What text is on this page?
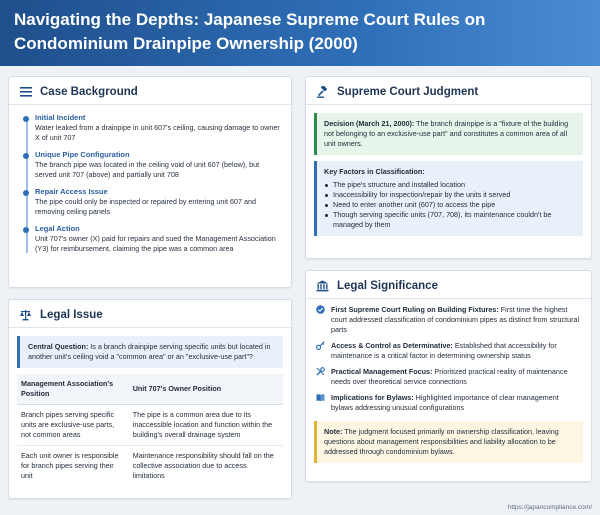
Navigating the Depths: Japanese Supreme Court Rules on Condominium Drainpipe Ownership (2000)
Case Background
Initial Incident
Water leaked from a drainpipe in unit 607's ceiling, causing damage to owner X of unit 707
Unique Pipe Configuration
The branch pipe was located in the ceiling void of unit 607 (below), but served unit 707 (above) and partially unit 708
Repair Access Issue
The pipe could only be inspected or repaired by entering unit 607 and removing ceiling panels
Legal Action
Unit 707's owner (X) paid for repairs and sued the Management Association (Y3) for reimbursement, claiming the pipe was a common area
Legal Issue
Central Question: Is a branch drainpipe serving specific units but located in another unit's ceiling void a "common area" or an "exclusive-use part"?
Management Association's Position	Unit 707's Owner Position
Branch pipes serving specific units are exclusive-use parts, not common areas	The pipe is a common area due to its inaccessible location and function within the building's overall drainage system
Each unit owner is responsible for branch pipes serving their unit	Maintenance responsibility should fall on the collective association due to access limitations
Supreme Court Judgment
Decision (March 21, 2000): The branch drainpipe is a "fixture of the building not belonging to an exclusive-use part" and constitutes a common area of all unit owners.
Key Factors in Classification:
The pipe's structure and installed location
Inaccessibility for inspection/repair by the units it served
Need to enter another unit (607) to access the pipe
Though serving specific units (707, 708), its maintenance couldn't be managed by them
Legal Significance
First Supreme Court Ruling on Building Fixtures: First time the highest court addressed classification of condominium pipes as distinct from structural parts
Access & Control as Determinative: Established that accessibility for maintenance is a critical factor in determining ownership status
Practical Management Focus: Prioritized practical reality of maintenance needs over theoretical service connections
Implications for Bylaws: Highlighted importance of clear management bylaws addressing unusual configurations
Note: The judgment focused primarily on ownership classification, leaving questions about management responsibilities and liability allocation to be addressed through condominium bylaws.
https://japancompliance.com/
